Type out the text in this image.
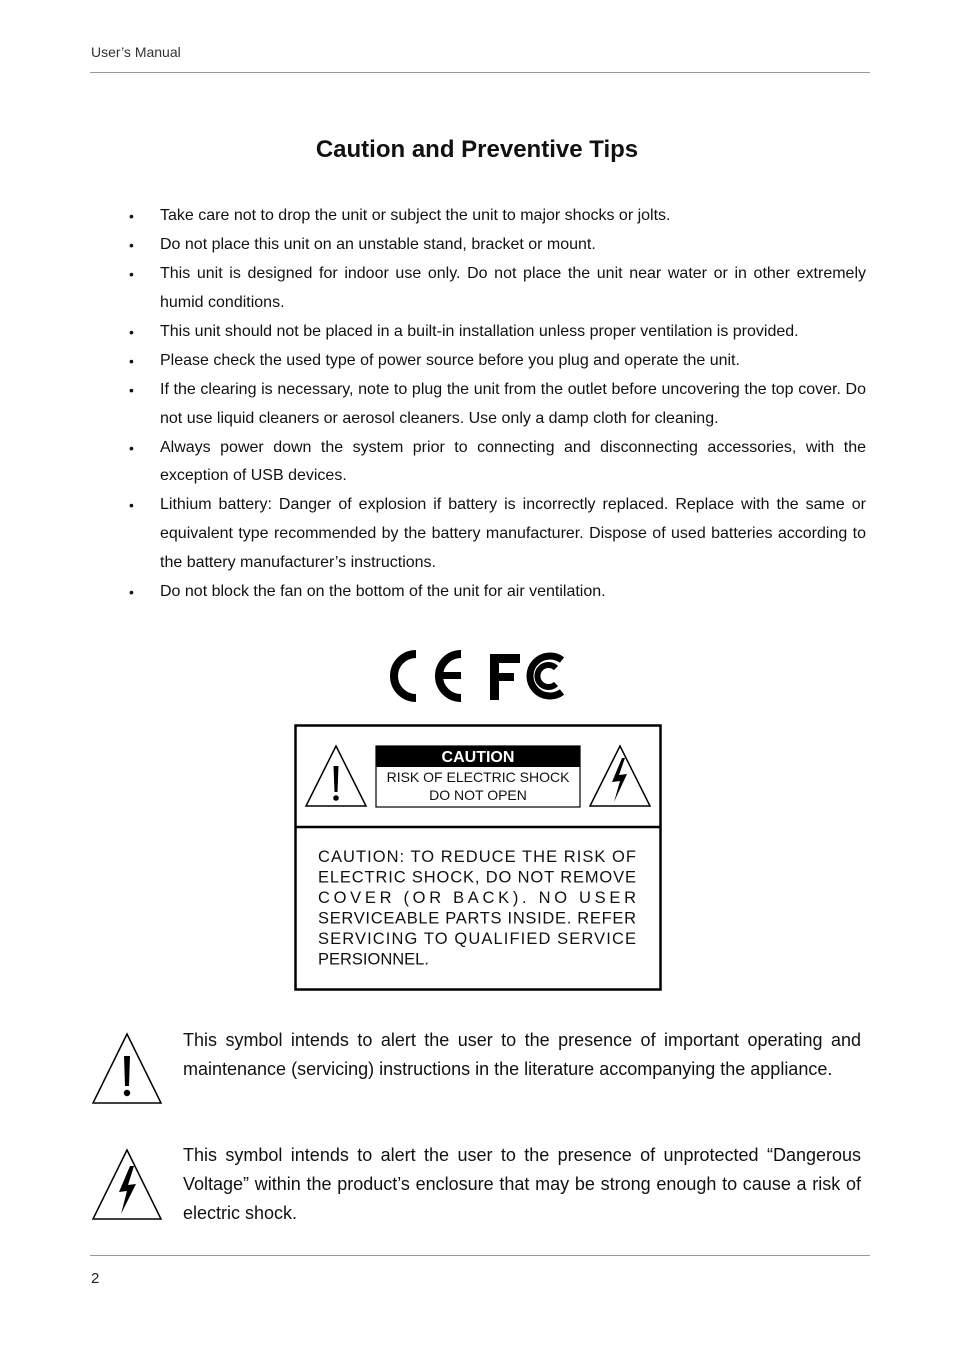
User’s Manual
Caution and Preventive Tips
• Take care not to drop the unit or subject the unit to major shocks or jolts.
• Do not place this unit on an unstable stand, bracket or mount.
• This unit is designed for indoor use only. Do not place the unit near water or in other extremely humid conditions.
• This unit should not be placed in a built-in installation unless proper ventilation is provided.
• Please check the used type of power source before you plug and operate the unit.
• If the clearing is necessary, note to plug the unit from the outlet before uncovering the top cover. Do not use liquid cleaners or aerosol cleaners. Use only a damp cloth for cleaning.
• Always power down the system prior to connecting and disconnecting accessories, with the exception of USB devices.
• Lithium battery: Danger of explosion if battery is incorrectly replaced. Replace with the same or equivalent type recommended by the battery manufacturer. Dispose of used batteries according to the battery manufacturer’s instructions.
• Do not block the fan on the bottom of the unit for air ventilation.
CAUTION
RISK OF ELECTRIC SHOCK
DO NOT OPEN
CAUTION: TO REDUCE THE RISK OF
ELECTRIC SHOCK, DO NOT REMOVE
COVER (OR BACK). NO USER
SERVICEABLE PARTS INSIDE. REFER
SERVICING TO QUALIFIED SERVICE
PERSIONNEL.
This symbol intends to alert the user to the presence of important operating and maintenance (servicing) instructions in the literature accompanying the appliance.
This symbol intends to alert the user to the presence of unprotected “Dangerous Voltage” within the product’s enclosure that may be strong enough to cause a risk of electric shock.
2
